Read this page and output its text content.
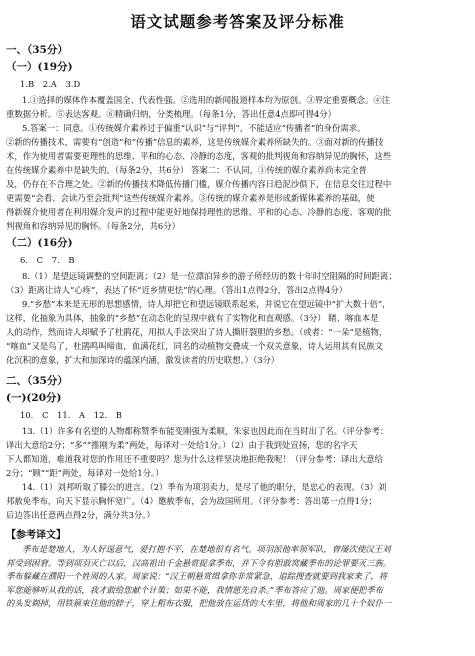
语文试题参考答案及评分标准
一、（35分）
（一）(19分)
1.B 2.A 3.D
1.①选择的媒体作本覆盖国全、代表性强。②选用的新闻报道样本均为原创。③界定重要概念。④注
重数据分析。⑤表达客观。⑥精确归纳，分类梳理。（每条1分，答出任意4点即可得4分）
5.答案一：同意。①传统媒介素养过于偏重“认识”与“评判”，不能适应“传播者”的身份需求。
②新的传播技术，需要有“创造”和“传播”信息的素养，这是传统媒介素养所缺失的。③面对新的传播技
术，作为使用者需要更理性的思维、平和的心态、冷静的态度，客观的批判视角和容纳异见的胸怀，这些
在传统媒介素养中是缺失的。（每条2分，共6分） 答案二：不认同，①传统的媒介素养尚未完全普
及，仍存在不合理之处。②新的传播技术降低传播门槛，媒介传播内容日趋泥沙俱下，在信息交往过程中
更需要“会看、会读乃至会批判”这些传统媒介素养。③传统的媒介素养是形成新媒体素养的基础，使
得新媒介使用者在利用媒介发声的过程中能更好地保持理性的思维、平和的心态、冷静的态度、客观的批
判视角和容纳异见的胸怀。（每条2分，共6分）
（二）(16分)
6. C 7. B
8.（1）是望远镜调整的空间距离；（2）是一位漂泊异乡的游子所经历的数十年时空阻隔的时间距离；
（3）距离让诗人“心疼”，表达了怀“近乡情更怯”的心理。（答出1点得2分，答出2点得4分）
9.“乡愁”本来是无形的思想感情，诗人却把它和望远镜联系起来，并说它在望远镜中“扩大数十倍”，
这样，化抽象为具体，抽象的“乡愁”在动态化的呈现中就有了实物化和直观感。（3分） 睹、喀血本是
人的动作，然而诗人却赋予了杜鹃花，用拟人手法突出了诗人撕肝裂胆的乡愁。（或者：“一朵”是植物，
“喀血”又是鸟了，杜鹃鸣叫啼血，血满花红，同名的动植物交叠成一个双关意象，诗人运用其有民族文
化沉积的意象，扩大和加深诗的蕴深内涵，激发读者的历史联想。）（3分）
二、（35分）
(一)(20分)
10. C 11. A 12. B
13.（1）许多有名望的人物都称赞季布能变刚强为柔顺，朱家也因此而在当时出了名。（评分参考：
译出大意给2分；“多”“推刚为柔”两处，每译对一处给1分。）（2）由于我到处宣扬，您的名字天
下人都知道，难道我对您的作用还不重要吗？您为什么这样坚决地拒绝我呢！（评分参考：译出大意给
2分；“顾”“距”两处，每译对一处给1分。）
14.（1）刘邦听取了滕公的进言。（2）季布为项羽卖力，是尽了他的职分，是忠心的表现。（3）刘
邦赦免季布，向天下显示胸怀宽广。（4）邀赦季布，会为敌国所用。（评分参考：答出第一点得1分；
后边答出任意两点得2分，满分共3分。）
【参考译文】
季布是楚地人，为人好逞意气，爱打抱不平，在楚地很有名气。项羽派他率领军队，曾屡次使汉王刘
邦受到困窘。等到项羽灭亡以后，汉高祖出千金悬赏捉拿季布，并下令有胆敢窝藏季布的论罪要灭三族。
季布躲藏在濮阳一个姓周的人家。周家说：“汉王朝悬赏缉拿你非常紧急，追踪搜查就要到我家来了，将
军您能够听从我的话，我才敢给您献个计策；如果不能，我情愿先自杀。”季布答应了他。周家便把季布
的头发剃掉，用铁箍束住他的脖子，穿上粗布衣服，把他放在运货的大车里，将他和周家的几十个奴仆一
